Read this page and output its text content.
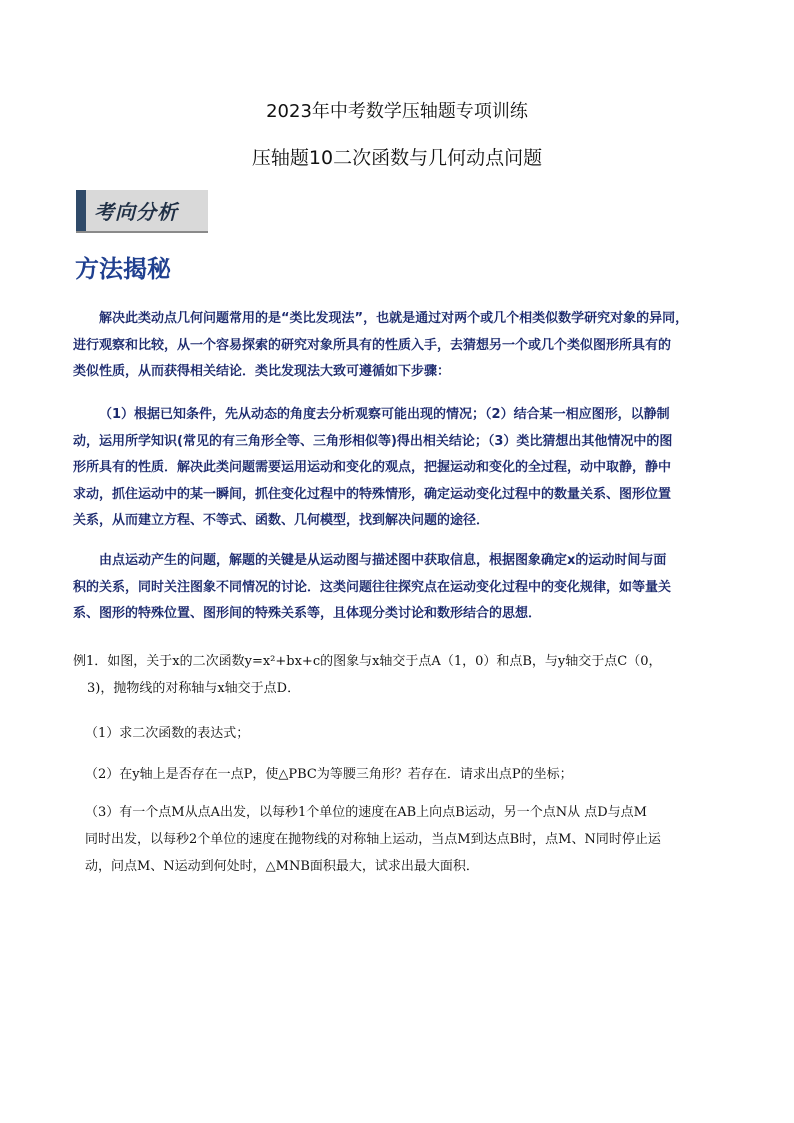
2023年中考数学压轴题专项训练
压轴题10二次函数与几何动点问题
考向分析
方法揭秘
解决此类动点几何问题常用的是“类比发现法”，也就是通过对两个或几个相类似数学研究对象的异同，
进行观察和比较，从一个容易探索的研究对象所具有的性质入手，去猜想另一个或几个类似图形所具有的
类似性质，从而获得相关结论．类比发现法大致可遵循如下步骤：
（1）根据已知条件，先从动态的角度去分析观察可能出现的情况；（2）结合某一相应图形，以静制
动，运用所学知识(常见的有三角形全等、三角形相似等)得出相关结论；（3）类比猜想出其他情况中的图
形所具有的性质．解决此类问题需要运用运动和变化的观点，把握运动和变化的全过程，动中取静，静中
求动，抓住运动中的某一瞬间，抓住变化过程中的特殊情形，确定运动变化过程中的数量关系、图形位置
关系，从而建立方程、不等式、函数、几何模型，找到解决问题的途径．
由点运动产生的问题，解题的关键是从运动图与描述图中获取信息，根据图象确定x的运动时间与面
积的关系，同时关注图象不同情况的讨论．这类问题往往探究点在运动变化过程中的变化规律，如等量关
系、图形的特殊位置、图形间的特殊关系等，且体现分类讨论和数形结合的思想．
例1．如图，关于x的二次函数y=x²+bx+c的图象与x轴交于点A（1，0）和点B，与y轴交于点C（0，
3)，抛物线的对称轴与x轴交于点D．
（1）求二次函数的表达式；
（2）在y轴上是否存在一点P，使△PBC为等腰三角形？若存在．请求出点P的坐标；
（3）有一个点M从点A出发，以每秒1个单位的速度在AB上向点B运动，另一个点N从 点D与点M
同时出发，以每秒2个单位的速度在抛物线的对称轴上运动，当点M到达点B时，点M、N同时停止运
动，问点M、N运动到何处时，△MNB面积最大，试求出最大面积．
